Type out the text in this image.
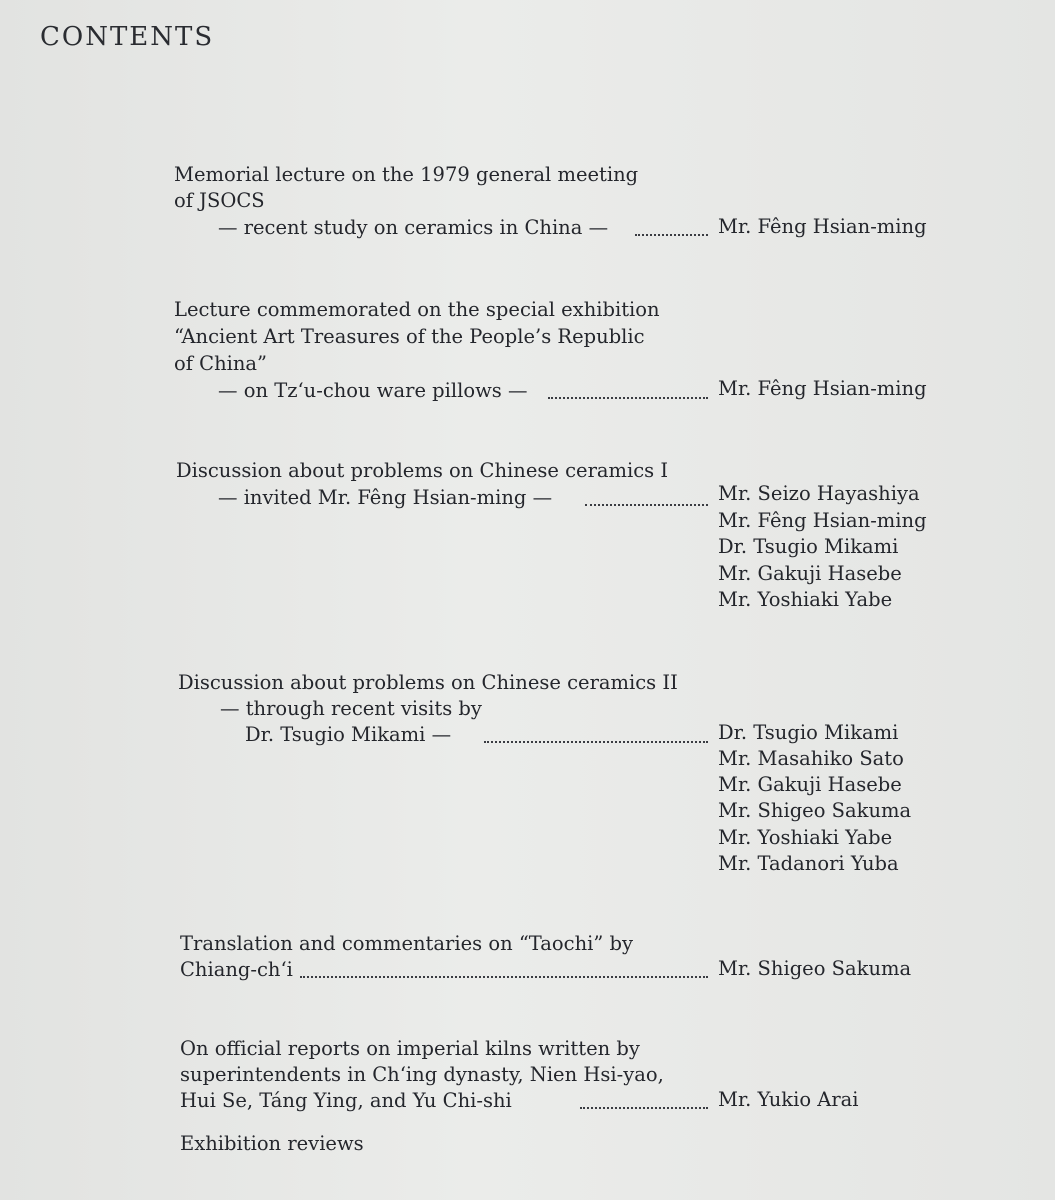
CONTENTS
Memorial lecture on the 1979 general meeting
of JSOCS
— recent study on ceramics in China —	Mr. Fêng Hsian-ming
Lecture commemorated on the special exhibition
“Ancient Art Treasures of the People’s Republic
of China”
— on Tz‘u-chou ware pillows —	Mr. Fêng Hsian-ming
Discussion about problems on Chinese ceramics I
— invited Mr. Fêng Hsian-ming —	Mr. Seizo Hayashiya
Mr. Fêng Hsian-ming
Dr. Tsugio Mikami
Mr. Gakuji Hasebe
Mr. Yoshiaki Yabe
Discussion about problems on Chinese ceramics II
— through recent visits by
Dr. Tsugio Mikami —	Dr. Tsugio Mikami
Mr. Masahiko Sato
Mr. Gakuji Hasebe
Mr. Shigeo Sakuma
Mr. Yoshiaki Yabe
Mr. Tadanori Yuba
Translation and commentaries on “Taochi” by
Chiang-ch‘i	Mr. Shigeo Sakuma
On official reports on imperial kilns written by
superintendents in Ch‘ing dynasty, Nien Hsi-yao,
Hui Se, Táng Ying, and Yu Chi-shi	Mr. Yukio Arai
Exhibition reviews
